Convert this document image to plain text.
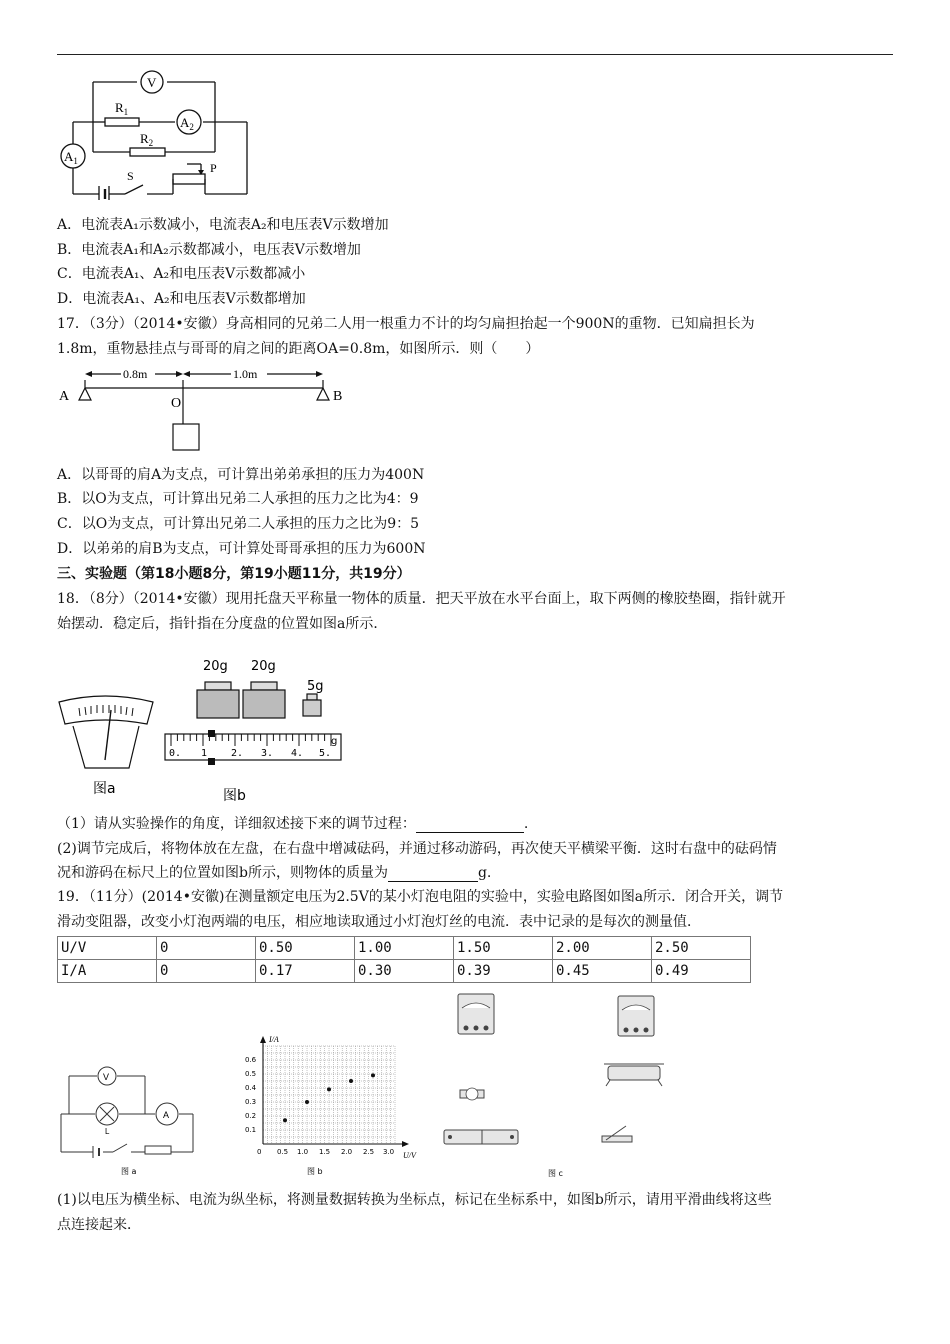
V
$R_1$
$R_2$
$A_2$
$A_1$
S
P
A．电流表A₁示数减小，电流表A₂和电压表V示数增加
B．电流表A₁和A₂示数都减小，电压表V示数增加
C．电流表A₁、A₂和电压表V示数都减小
D．电流表A₁、A₂和电压表V示数都增加
17．（3分）（2014•安徽）身高相同的兄弟二人用一根重力不计的均匀扁担抬起一个900N的重物．已知扁担长为
1.8m，重物悬挂点与哥哥的肩之间的距离OA=0.8m，如图所示．则（　　）
0.8m	1.0m
A	B
O
A．以哥哥的肩A为支点，可计算出弟弟承担的压力为400N
B．以O为支点，可计算出兄弟二人承担的压力之比为4：9
C．以O为支点，可计算出兄弟二人承担的压力之比为9：5
D．以弟弟的肩B为支点，可计算处哥哥承担的压力为600N
三、实验题（第18小题8分，第19小题11分，共19分）
18．（8分）（2014•安徽）现用托盘天平称量一物体的质量．把天平放在水平台面上，取下两侧的橡胶垫圈，指针就开
始摆动．稳定后，指针指在分度盘的位置如图a所示．
图a
20g 20g
5g
0. 1 2. 3. 4. 5.
g
图b
（1）请从实验操作的角度，详细叙述接下来的调节过程：	.
(2)调节完成后，将物体放在左盘，在右盘中增减砝码，并通过移动游码，再次使天平横梁平衡．这时右盘中的砝码情
况和游码在标尺上的位置如图b所示，则物体的质量为	g.
19．（11分）(2014•安徽)在测量额定电压为2.5V的某小灯泡电阻的实验中，实验电路图如图a所示．闭合开关，调节
滑动变阻器，改变小灯泡两端的电压，相应地读取通过小灯泡灯丝的电流．表中记录的是每次的测量值．
U/V	0	0.50	1.00	1.50	2.00	2.50
I/A	0	0.17	0.30	0.39	0.45	0.49
V
A
L
图 a
I/A
U/V
0 0.5 1.0 1.5 2.0 2.5 3.0
0.1
0.2
0.3
0.4
0.5
0.6
图 b	图 c
(1)以电压为横坐标、电流为纵坐标，将测量数据转换为坐标点，标记在坐标系中，如图b所示，请用平滑曲线将这些
点连接起来．
